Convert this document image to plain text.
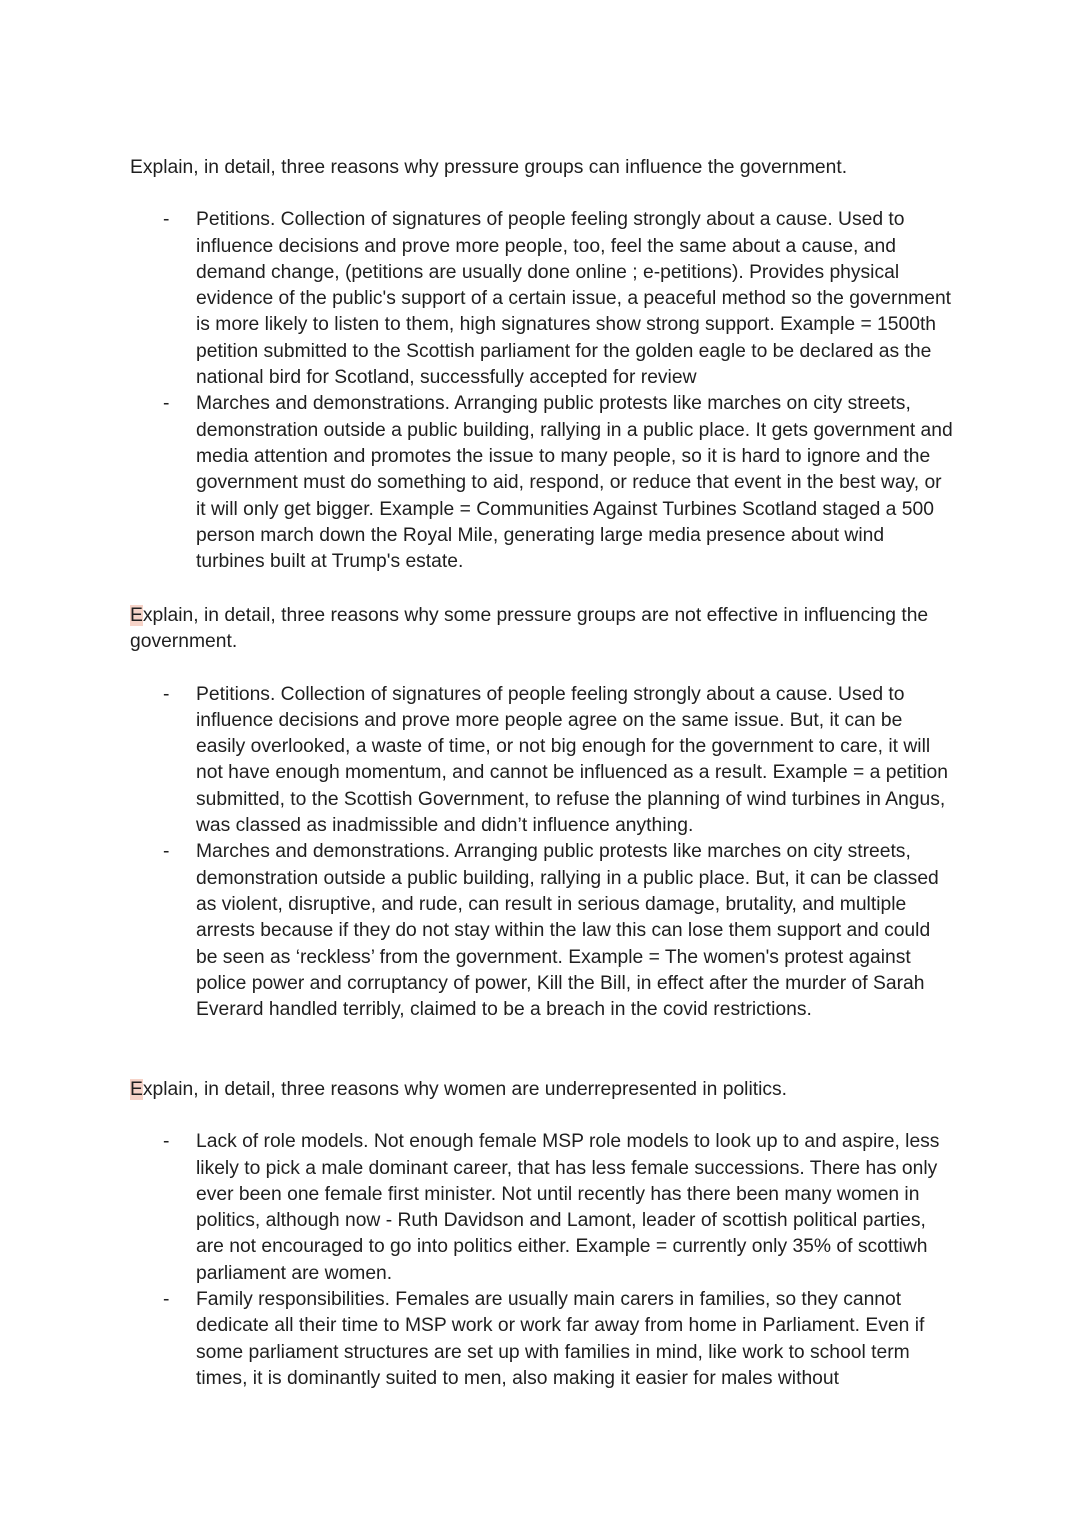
Explain, in detail, three reasons why pressure groups can influence the government.

- Petitions. Collection of signatures of people feeling strongly about a cause. Used to influence decisions and prove more people, too, feel the same about a cause, and demand change, (petitions are usually done online ; e-petitions). Provides physical evidence of the public's support of a certain issue, a peaceful method so the government is more likely to listen to them, high signatures show strong support. Example = 1500th petition submitted to the Scottish parliament for the golden eagle to be declared as the national bird for Scotland, successfully accepted for review
- Marches and demonstrations. Arranging public protests like marches on city streets, demonstration outside a public building, rallying in a public place. It gets government and media attention and promotes the issue to many people, so it is hard to ignore and the government must do something to aid, respond, or reduce that event in the best way, or it will only get bigger. Example = Communities Against Turbines Scotland staged a 500 person march down the Royal Mile, generating large media presence about wind turbines built at Trump's estate.

Explain, in detail, three reasons why some pressure groups are not effective in influencing the government.

- Petitions. Collection of signatures of people feeling strongly about a cause. Used to influence decisions and prove more people agree on the same issue. But, it can be easily overlooked, a waste of time, or not big enough for the government to care, it will not have enough momentum, and cannot be influenced as a result. Example = a petition submitted, to the Scottish Government, to refuse the planning of wind turbines in Angus, was classed as inadmissible and didn’t influence anything.
- Marches and demonstrations. Arranging public protests like marches on city streets, demonstration outside a public building, rallying in a public place. But, it can be classed as violent, disruptive, and rude, can result in serious damage, brutality, and multiple arrests because if they do not stay within the law this can lose them support and could be seen as ‘reckless’ from the government. Example = The women's protest against police power and corruptancy of power, Kill the Bill, in effect after the murder of Sarah Everard handled terribly, claimed to be a breach in the covid restrictions.

Explain, in detail, three reasons why women are underrepresented in politics.

- Lack of role models. Not enough female MSP role models to look up to and aspire, less likely to pick a male dominant career, that has less female successions. There has only ever been one female first minister. Not until recently has there been many women in politics, although now - Ruth Davidson and Lamont, leader of scottish political parties, are not encouraged to go into politics either. Example = currently only 35% of scottiwh parliament are women.
- Family responsibilities. Females are usually main carers in families, so they cannot dedicate all their time to MSP work or work far away from home in Parliament. Even if some parliament structures are set up with families in mind, like work to school term times, it is dominantly suited to men, also making it easier for males without
